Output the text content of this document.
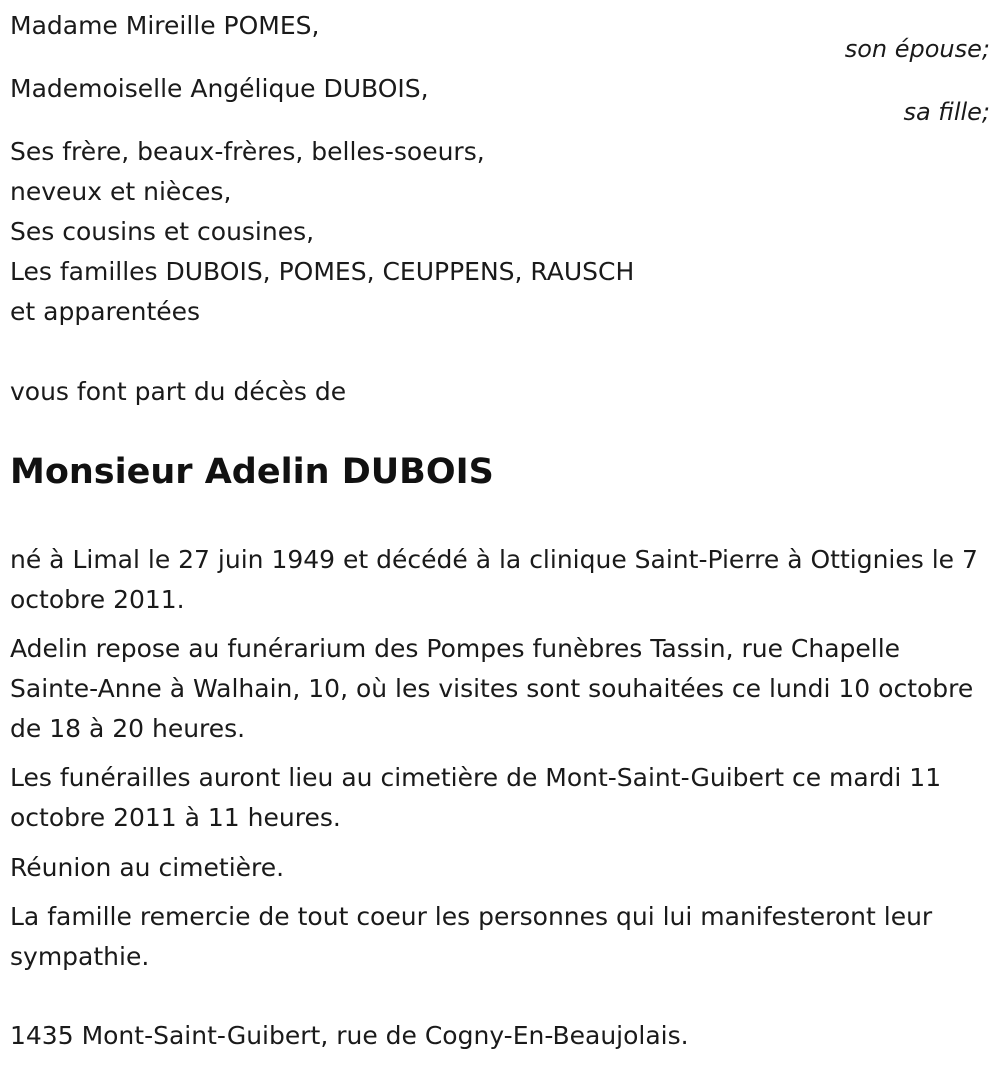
Madame Mireille POMES,
son épouse;
Mademoiselle Angélique DUBOIS,
sa fille;
Ses frère, beaux-frères, belles-soeurs,
neveux et nièces,
Ses cousins et cousines,
Les familles DUBOIS, POMES, CEUPPENS, RAUSCH
et apparentées
vous font part du décès de
Monsieur Adelin DUBOIS
né à Limal le 27 juin 1949 et décédé à la clinique Saint-Pierre à Ottignies le 7 octobre 2011.
Adelin repose au funérarium des Pompes funèbres Tassin, rue Chapelle Sainte-Anne à Walhain, 10, où les visites sont souhaitées ce lundi 10 octobre de 18 à 20 heures.
Les funérailles auront lieu au cimetière de Mont-Saint-Guibert ce mardi 11 octobre 2011 à 11 heures.
Réunion au cimetière.
La famille remercie de tout coeur les personnes qui lui manifesteront leur sympathie.
1435 Mont-Saint-Guibert, rue de Cogny-En-Beaujolais.
